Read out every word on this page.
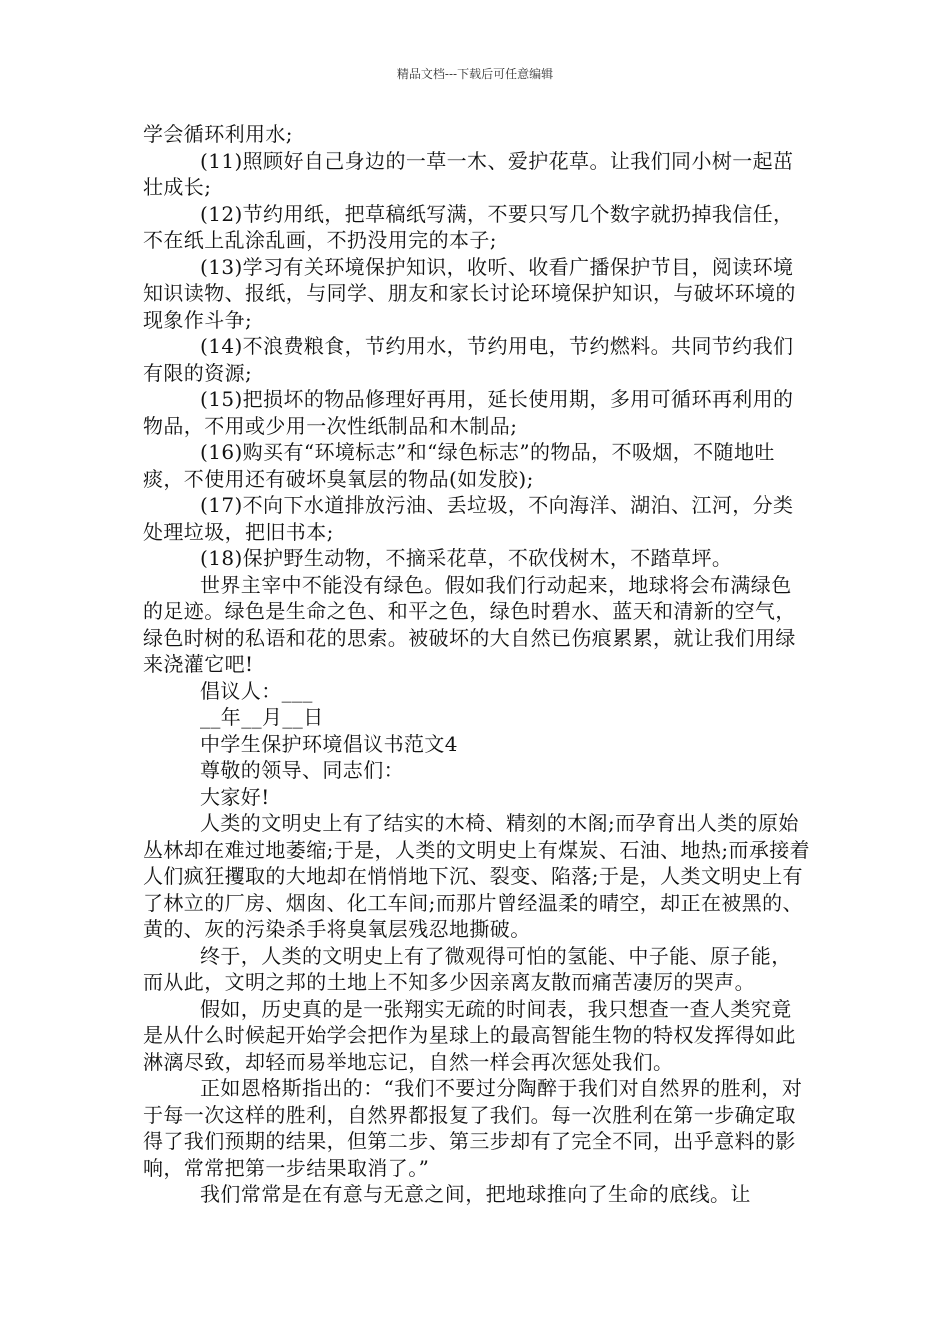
精品文档---下载后可任意编辑

学会循环利用水;

(11)照顾好自己身边的一草一木、爱护花草。让我们同小树一起茁壮成长;

(12)节约用纸，把草稿纸写满，不要只写几个数字就扔掉我信任，不在纸上乱涂乱画，不扔没用完的本子;

(13)学习有关环境保护知识，收听、收看广播保护节目，阅读环境知识读物、报纸，与同学、朋友和家长讨论环境保护知识，与破坏环境的现象作斗争;

(14)不浪费粮食，节约用水，节约用电，节约燃料。共同节约我们有限的资源;

(15)把损坏的物品修理好再用，延长使用期，多用可循环再利用的物品，不用或少用一次性纸制品和木制品;

(16)购买有“环境标志”和“绿色标志”的物品，不吸烟，不随地吐痰，不使用还有破坏臭氧层的物品(如发胶);

(17)不向下水道排放污油、丢垃圾，不向海洋、湖泊、江河，分类处理垃圾，把旧书本;

(18)保护野生动物，不摘采花草，不砍伐树木，不踏草坪。

世界主宰中不能没有绿色。假如我们行动起来，地球将会布满绿色的足迹。绿色是生命之色、和平之色，绿色时碧水、蓝天和清新的空气，绿色时树的私语和花的思索。被破坏的大自然已伤痕累累，就让我们用绿来浇灌它吧!

倡议人：___

__年__月__日

中学生保护环境倡议书范文4

尊敬的领导、同志们：

大家好!

人类的文明史上有了结实的木椅、精刻的木阁;而孕育出人类的原始丛林却在难过地萎缩;于是，人类的文明史上有煤炭、石油、地热;而承接着人们疯狂攫取的大地却在悄悄地下沉、裂变、陷落;于是，人类文明史上有了林立的厂房、烟囱、化工车间;而那片曾经温柔的晴空，却正在被黑的、黄的、灰的污染杀手将臭氧层残忍地撕破。

终于，人类的文明史上有了微观得可怕的氢能、中子能、原子能，而从此，文明之邦的土地上不知多少因亲离友散而痛苦凄厉的哭声。

假如，历史真的是一张翔实无疏的时间表，我只想查一查人类究竟是从什么时候起开始学会把作为星球上的最高智能生物的特权发挥得如此淋漓尽致，却轻而易举地忘记，自然一样会再次惩处我们。

正如恩格斯指出的：“我们不要过分陶醉于我们对自然界的胜利，对于每一次这样的胜利，自然界都报复了我们。每一次胜利在第一步确定取得了我们预期的结果，但第二步、第三步却有了完全不同，出乎意料的影响，常常把第一步结果取消了。”

我们常常是在有意与无意之间，把地球推向了生命的底线。让
